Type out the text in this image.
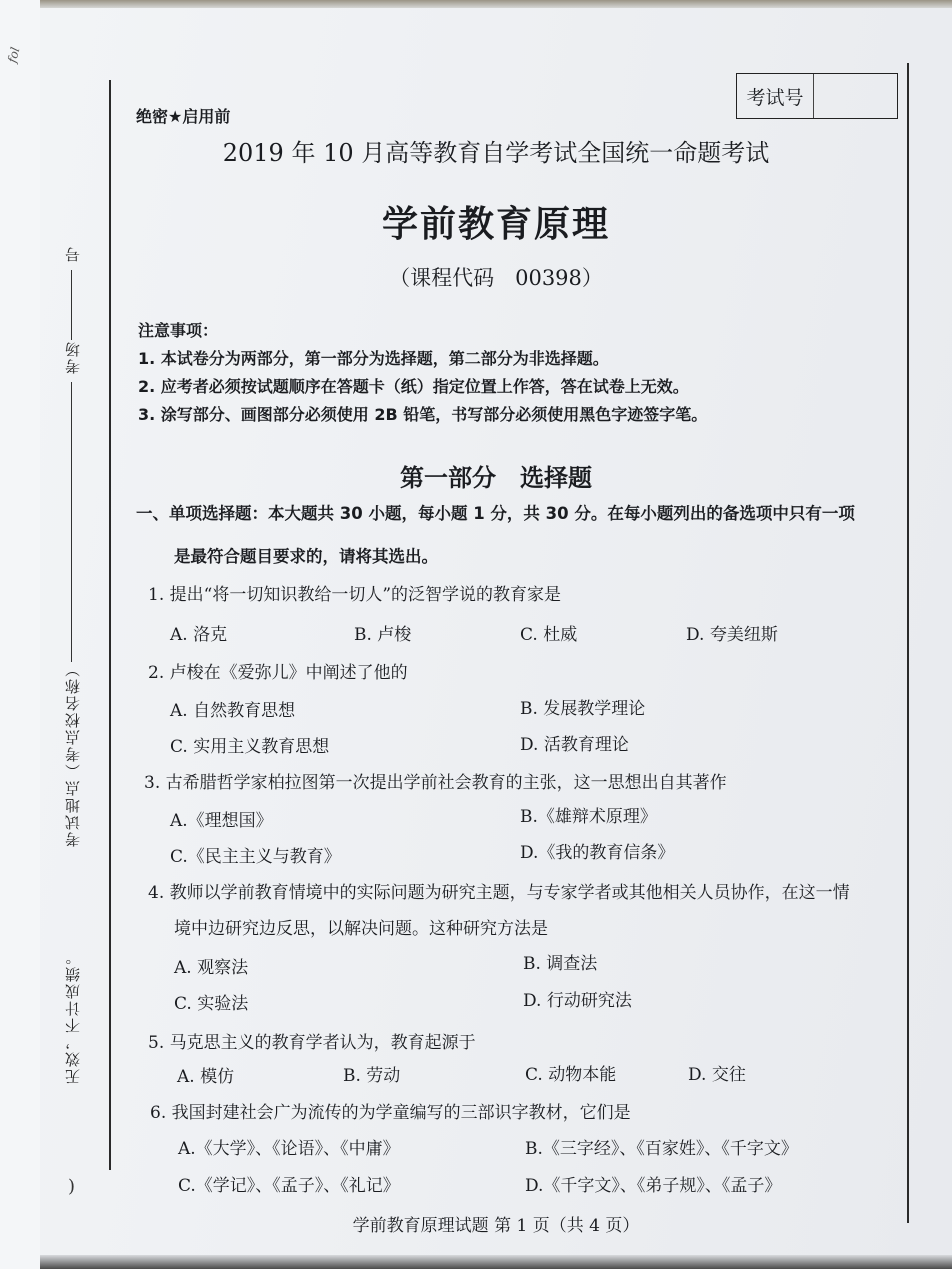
fol
号
考场
考试地点（考点校名称）
无效，不计成绩。
)
考试号
绝密★启用前
2019 年 10 月高等教育自学考试全国统一命题考试
学前教育原理
（课程代码　00398）
注意事项：
1. 本试卷分为两部分，第一部分为选择题，第二部分为非选择题。
2. 应考者必须按试题顺序在答题卡（纸）指定位置上作答，答在试卷上无效。
3. 涂写部分、画图部分必须使用 2B 铅笔，书写部分必须使用黑色字迹签字笔。
第一部分　选择题
一、单项选择题：本大题共 30 小题，每小题 1 分，共 30 分。在每小题列出的备选项中只有一项
是最符合题目要求的，请将其选出。
1. 提出“将一切知识教给一切人”的泛智学说的教育家是
A. 洛克	B. 卢梭	C. 杜威	D. 夸美纽斯
2. 卢梭在《爱弥儿》中阐述了他的
A. 自然教育思想	B. 发展教学理论
C. 实用主义教育思想	D. 活教育理论
3. 古希腊哲学家柏拉图第一次提出学前社会教育的主张，这一思想出自其著作
A.《理想国》	B.《雄辩术原理》
C.《民主主义与教育》	D.《我的教育信条》
4. 教师以学前教育情境中的实际问题为研究主题，与专家学者或其他相关人员协作，在这一情
境中边研究边反思，以解决问题。这种研究方法是
A. 观察法	B. 调查法
C. 实验法	D. 行动研究法
5. 马克思主义的教育学者认为，教育起源于
A. 模仿	B. 劳动	C. 动物本能	D. 交往
6. 我国封建社会广为流传的为学童编写的三部识字教材，它们是
A.《大学》、《论语》、《中庸》	B.《三字经》、《百家姓》、《千字文》
C.《学记》、《孟子》、《礼记》	D.《千字文》、《弟子规》、《孟子》
学前教育原理试题 第 1 页（共 4 页）
